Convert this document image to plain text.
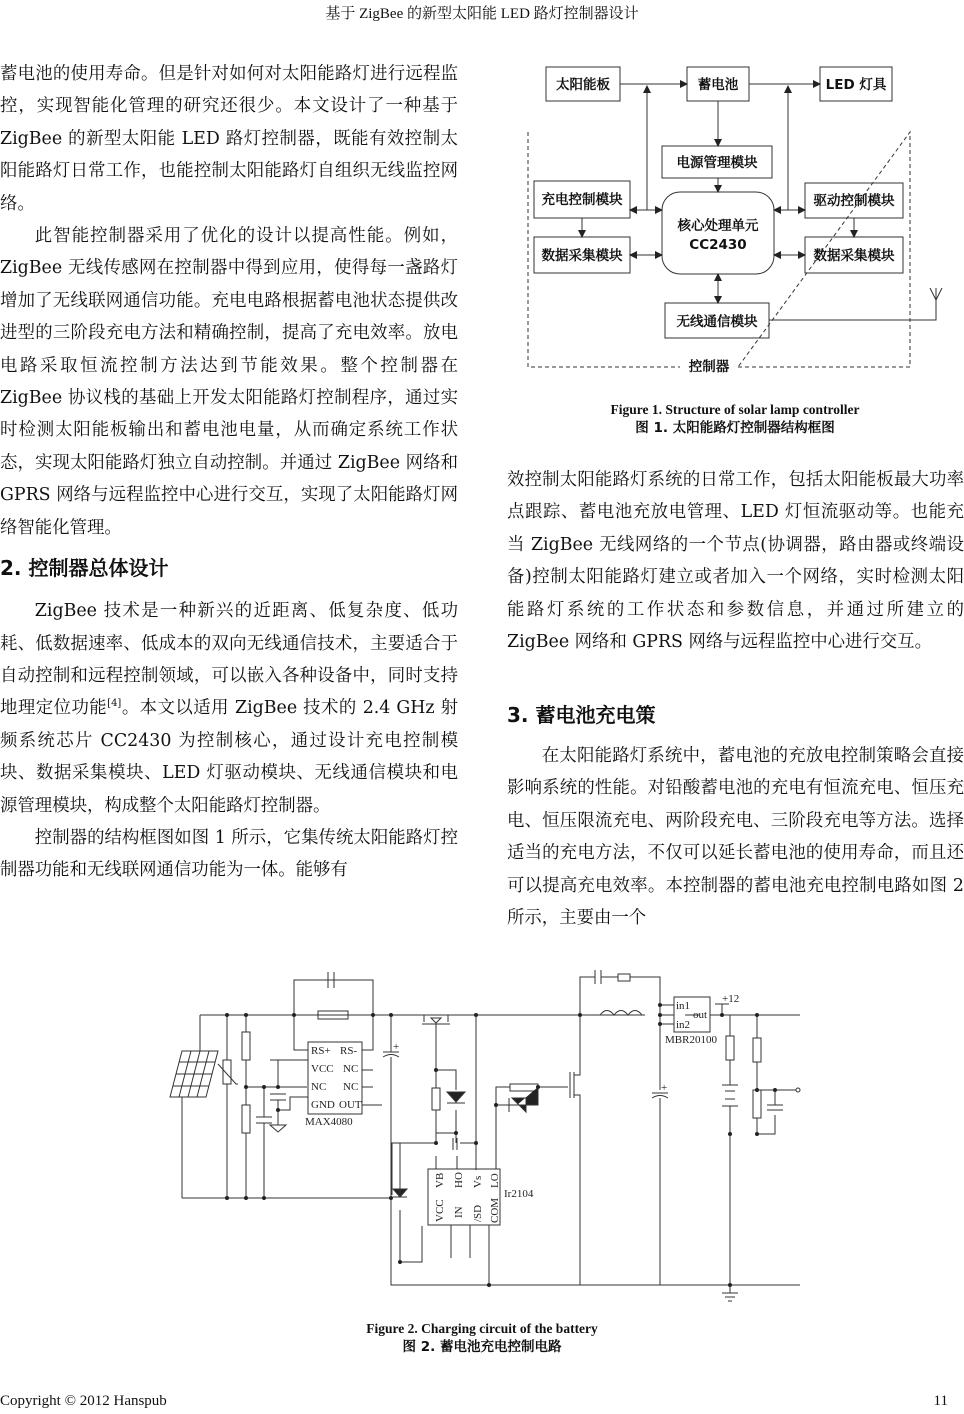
基于 ZigBee 的新型太阳能 LED 路灯控制器设计

蓄电池的使用寿命。但是针对如何对太阳能路灯进行远程监控，实现智能化管理的研究还很少。本文设计了一种基于 ZigBee 的新型太阳能 LED 路灯控制器，既能有效控制太阳能路灯日常工作，也能控制太阳能路灯自组织无线监控网络。

此智能控制器采用了优化的设计以提高性能。例如，ZigBee 无线传感网在控制器中得到应用，使得每一盏路灯增加了无线联网通信功能。充电电路根据蓄电池状态提供改进型的三阶段充电方法和精确控制，提高了充电效率。放电电路采取恒流控制方法达到节能效果。整个控制器在 ZigBee 协议栈的基础上开发太阳能路灯控制程序，通过实时检测太阳能板输出和蓄电池电量，从而确定系统工作状态，实现太阳能路灯独立自动控制。并通过 ZigBee 网络和 GPRS 网络与远程监控中心进行交互，实现了太阳能路灯网络智能化管理。

2. 控制器总体设计

ZigBee 技术是一种新兴的近距离、低复杂度、低功耗、低数据速率、低成本的双向无线通信技术，主要适合于自动控制和远程控制领域，可以嵌入各种设备中，同时支持地理定位功能[4]。本文以适用 ZigBee 技术的 2.4 GHz 射频系统芯片 CC2430 为控制核心，通过设计充电控制模块、数据采集模块、LED 灯驱动模块、无线通信模块和电源管理模块，构成整个太阳能路灯控制器。

控制器的结构框图如图 1 所示，它集传统太阳能路灯控制器功能和无线联网通信功能为一体。能够有

太阳能板	蓄电池	LED 灯具
电源管理模块
充电控制模块
数据采集模块
核心处理单元
CC2430
驱动控制模块
数据采集模块
无线通信模块
控制器
Figure 1. Structure of solar lamp controller
图 1. 太阳能路灯控制器结构框图

效控制太阳能路灯系统的日常工作，包括太阳能板最大功率点跟踪、蓄电池充放电管理、LED 灯恒流驱动等。也能充当 ZigBee 无线网络的一个节点(协调器，路由器或终端设备)控制太阳能路灯建立或者加入一个网络，实时检测太阳能路灯系统的工作状态和参数信息，并通过所建立的 ZigBee 网络和 GPRS 网络与远程监控中心进行交互。

3. 蓄电池充电策

在太阳能路灯系统中，蓄电池的充放电控制策略会直接影响系统的性能。对铅酸蓄电池的充电有恒流充电、恒压充电、恒压限流充电、两阶段充电、三阶段充电等方法。选择适当的充电方法，不仅可以延长蓄电池的使用寿命，而且还可以提高充电效率。本控制器的蓄电池充电控制电路如图 2 所示，主要由一个

RS+ RS-
VCC NC
NC NC
GND OUT
MAX4080
Ir2104
in1
in2
out
MBR20100
+12
+
+
VCC
VB
IN
HO
/SD
Vs
COM
LO
Figure 2. Charging circuit of the battery
图 2. 蓄电池充电控制电路
Copyright © 2012 Hanspub	11
